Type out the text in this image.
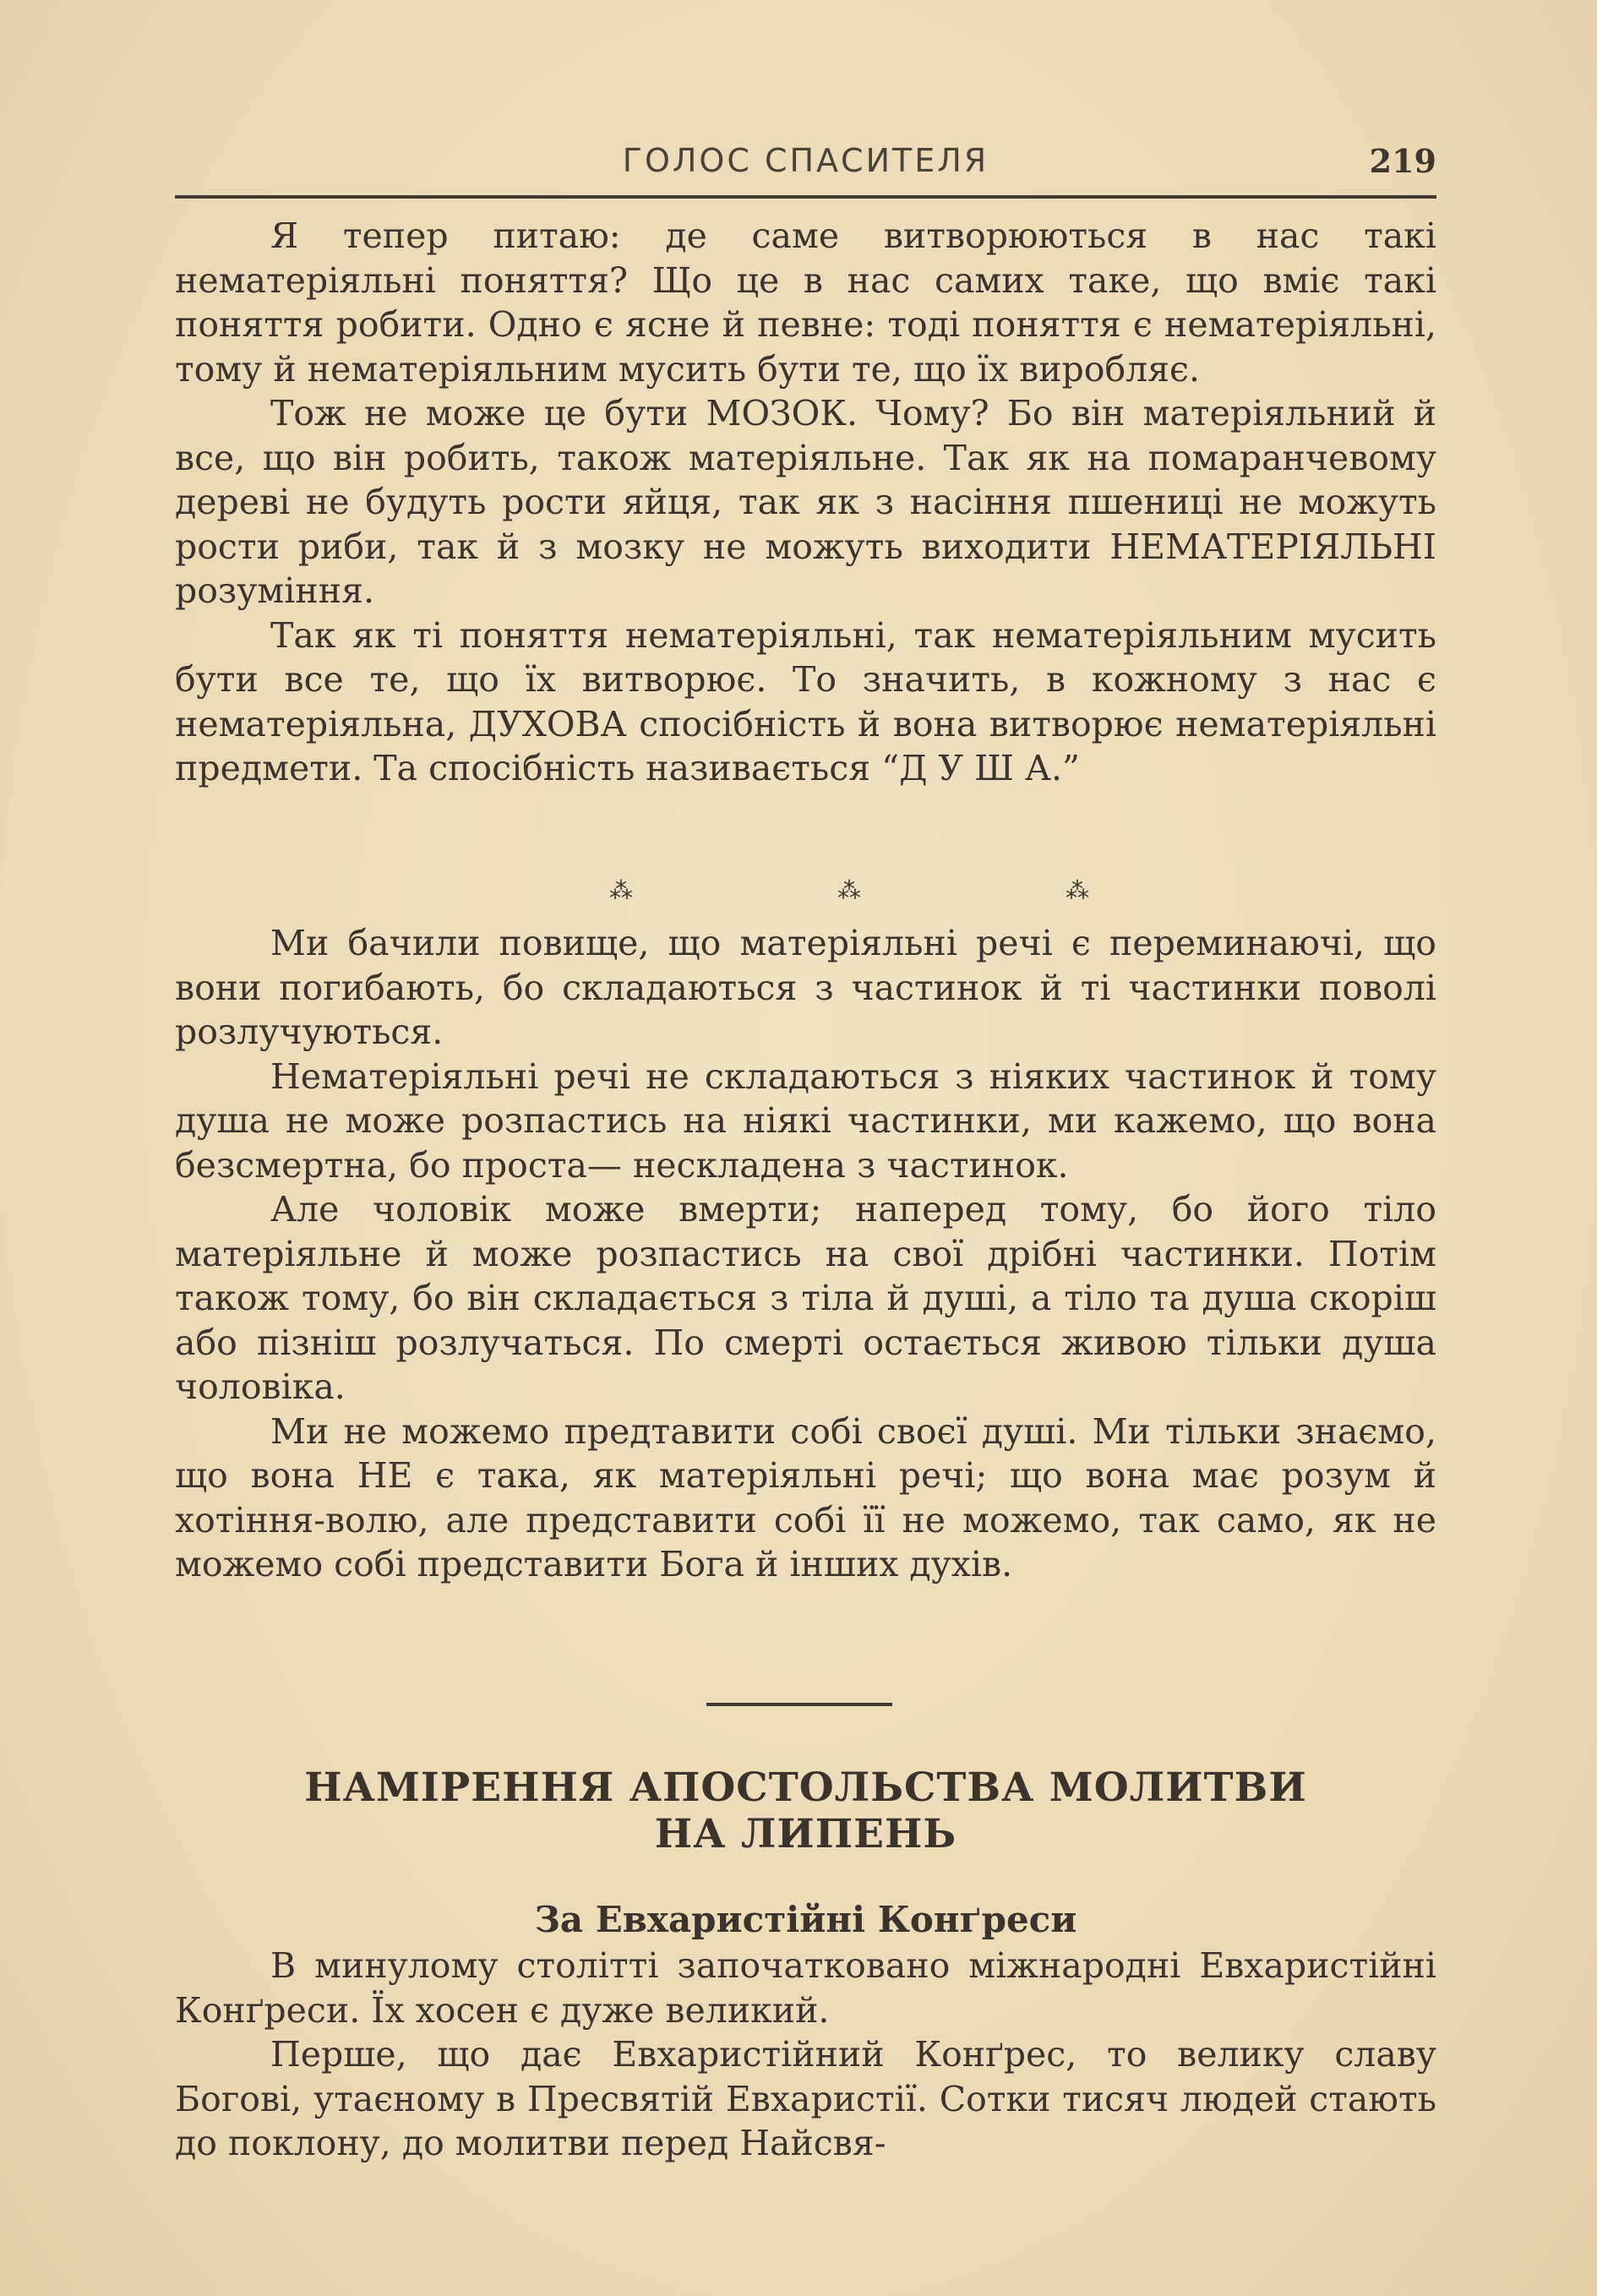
ГОЛОС СПАСИТЕЛЯ	219

Я тепер питаю: де саме витворюються в нас такі нематеріяльні поняття? Що це в нас самих таке, що вміє такі поняття робити. Одно є ясне й певне: тоді поняття є нематеріяльні, тому й нематеріяльним мусить бути те, що їх виробляє.

Тож не може це бути МОЗОК. Чому? Бо він матеріяльний й все, що він робить, також матеріяльне. Так як на помаранчевому дереві не будуть рости яйця, так як з насіння пшениці не можуть рости риби, так й з мозку не можуть виходити НЕМАТЕРІЯЛЬНІ розуміння.

Так як ті поняття нематеріяльні, так нематеріяльним мусить бути все те, що їх витворює. То значить, в кожному з нас є нематеріяльна, ДУХОВА спосібність й вона витворює нематеріяльні предмети. Та спосібність називається “Д У Ш А.”

⁂	⁂	⁂

Ми бачили повище, що матеріяльні речі є переминаючі, що вони погибають, бо складаються з частинок й ті частинки поволі розлучуються.

Нематеріяльні речі не складаються з ніяких частинок й тому душа не може розпастись на ніякі частинки, ми кажемо, що вона безсмертна, бо проста— нескладена з частинок.

Але чоловік може вмерти; наперед тому, бо його тіло матеріяльне й може розпастись на свої дрібні частинки. Потім також тому, бо він складається з тіла й душі, а тіло та душа скоріш або пізніш розлучаться. По смерті остається живою тільки душа чоловіка.

Ми не можемо предтавити собі своєї душі. Ми тільки знаємо, що вона НЕ є така, як матеріяльні речі; що вона має розум й хотіння-волю, але представити собі її не можемо, так само, як не можемо собі представити Бога й інших духів.

НАМІРЕННЯ АПОСТОЛЬСТВА МОЛИТВИ
НА ЛИПЕНЬ
За Евхаристійні Конґреси

В минулому столітті започатковано міжнародні Евхаристійні Конґреси. Їх хосен є дуже великий.

Перше, що дає Евхаристійний Конґрес, то велику славу Богові, утаєному в Пресвятій Евхаристії. Сотки тисяч людей стають до поклону, до молитви перед Найсвя-
